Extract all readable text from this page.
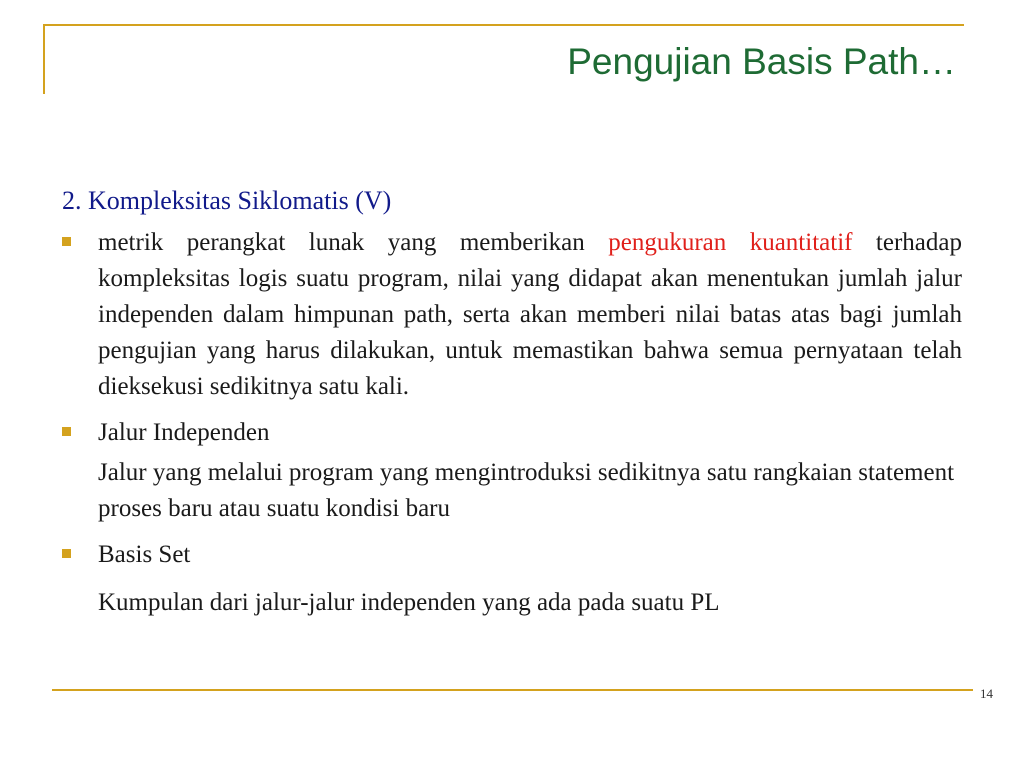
Pengujian Basis Path…

2. Kompleksitas Siklomatis (V)

metrik perangkat lunak yang memberikan pengukuran kuantitatif terhadap kompleksitas logis suatu program, nilai yang didapat akan menentukan jumlah jalur independen dalam himpunan path, serta akan memberi nilai batas atas bagi jumlah pengujian yang harus dilakukan, untuk memastikan bahwa semua pernyataan telah dieksekusi sedikitnya satu kali.

Jalur Independen

Jalur yang melalui program yang mengintroduksi sedikitnya satu rangkaian statement proses baru atau suatu kondisi baru

Basis Set

Kumpulan dari jalur-jalur independen yang ada pada suatu PL

14
